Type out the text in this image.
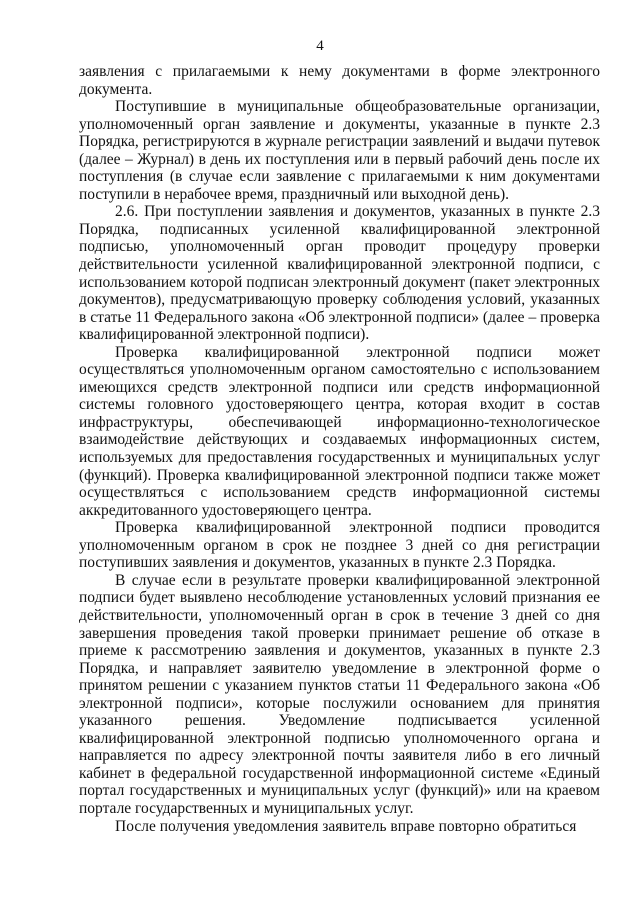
4

заявления с прилагаемыми к нему документами в форме электронного документа.

Поступившие в муниципальные общеобразовательные организации, уполномоченный орган заявление и документы, указанные в пункте 2.3 Порядка, регистрируются в журнале регистрации заявлений и выдачи путевок (далее – Журнал) в день их поступления или в первый рабочий день после их поступления (в случае если заявление с прилагаемыми к ним документами поступили в нерабочее время, праздничный или выходной день).

2.6. При поступлении заявления и документов, указанных в пункте 2.3 Порядка, подписанных усиленной квалифицированной электронной подписью, уполномоченный орган проводит процедуру проверки действительности усиленной квалифицированной электронной подписи, с использованием которой подписан электронный документ (пакет электронных документов), предусматривающую проверку соблюдения условий, указанных в статье 11 Федерального закона «Об электронной подписи» (далее – проверка квалифицированной электронной подписи).

Проверка квалифицированной электронной подписи может осуществляться уполномоченным органом самостоятельно с использованием имеющихся средств электронной подписи или средств информационной системы головного удостоверяющего центра, которая входит в состав инфраструктуры, обеспечивающей информационно-технологическое взаимодействие действующих и создаваемых информационных систем, используемых для предоставления государственных и муниципальных услуг (функций). Проверка квалифицированной электронной подписи также может осуществляться с использованием средств информационной системы аккредитованного удостоверяющего центра.

Проверка квалифицированной электронной подписи проводится уполномоченным органом в срок не позднее 3 дней со дня регистрации поступивших заявления и документов, указанных в пункте 2.3 Порядка.

В случае если в результате проверки квалифицированной электронной подписи будет выявлено несоблюдение установленных условий признания ее действительности, уполномоченный орган в срок в течение 3 дней со дня завершения проведения такой проверки принимает решение об отказе в приеме к рассмотрению заявления и документов, указанных в пункте 2.3 Порядка, и направляет заявителю уведомление в электронной форме о принятом решении с указанием пунктов статьи 11 Федерального закона «Об электронной подписи», которые послужили основанием для принятия указанного решения. Уведомление подписывается усиленной квалифицированной электронной подписью уполномоченного органа и направляется по адресу электронной почты заявителя либо в его личный кабинет в федеральной государственной информационной системе «Единый портал государственных и муниципальных услуг (функций)» или на краевом портале государственных и муниципальных услуг.

После получения уведомления заявитель вправе повторно обратиться
